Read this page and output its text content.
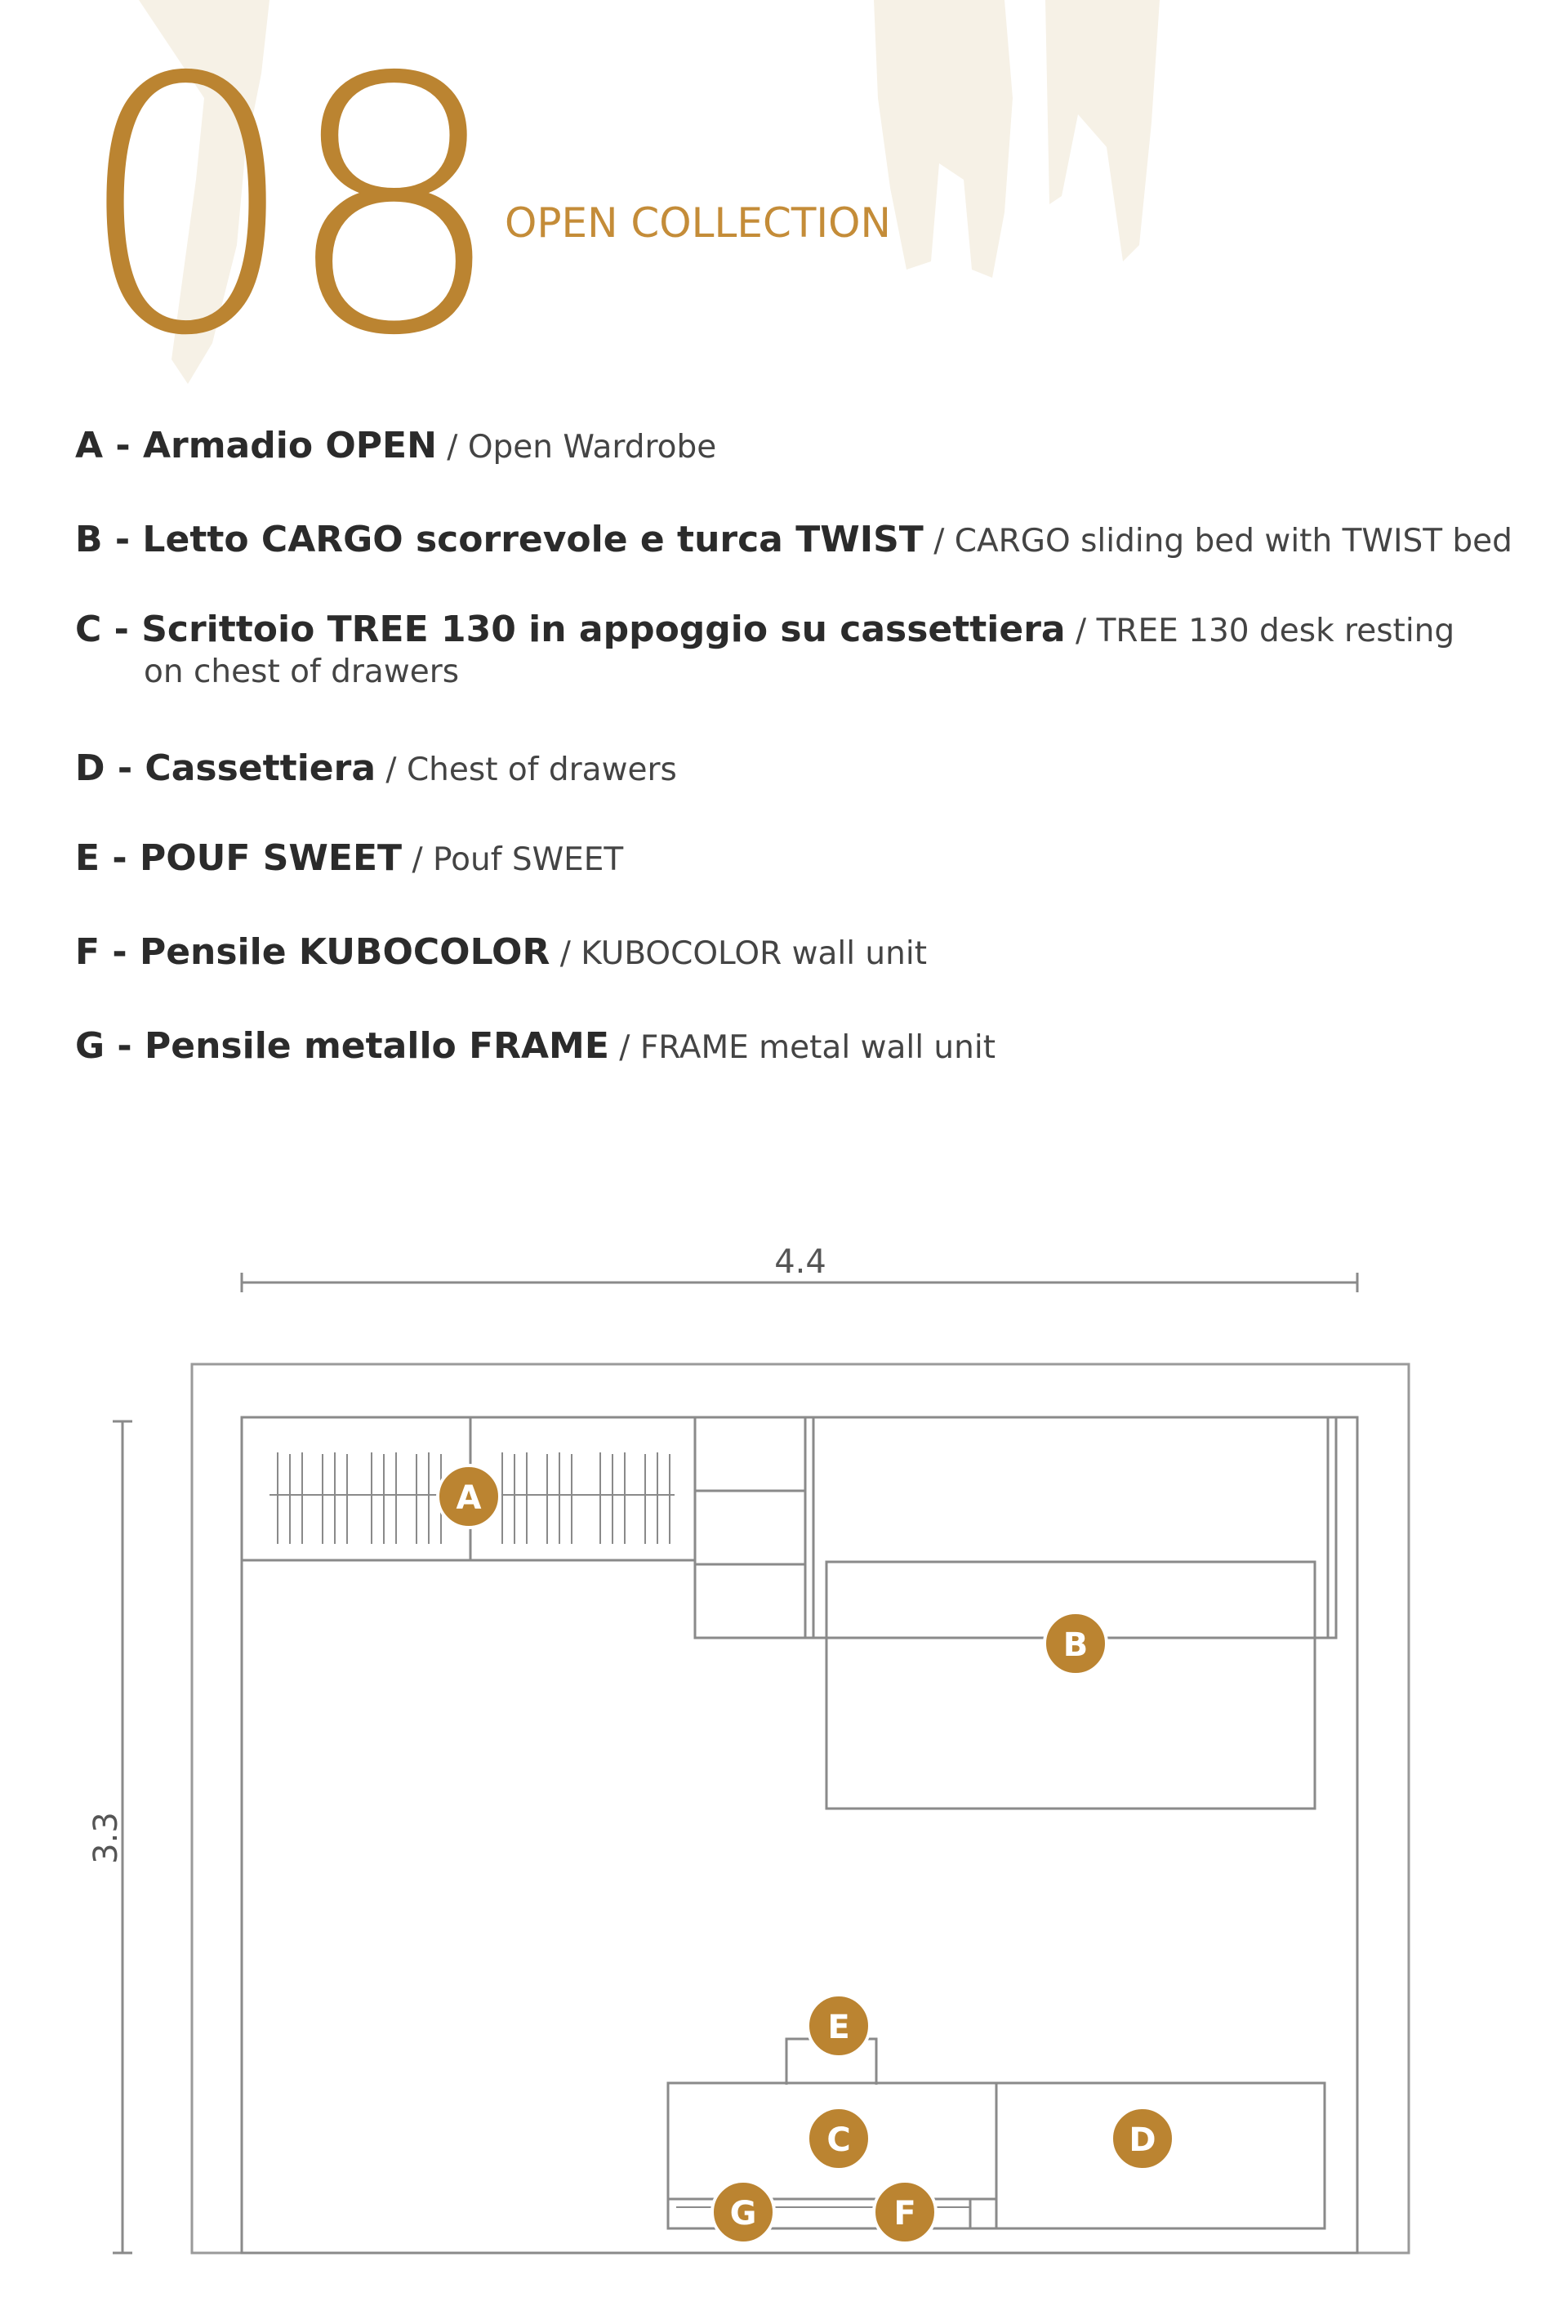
08 OPEN COLLECTION
A - Armadio OPEN / Open Wardrobe
B - Letto CARGO scorrevole e turca TWIST / CARGO sliding bed with TWIST bed
C - Scrittoio TREE 130 in appoggio su cassettiera / TREE 130 desk resting
on chest of drawers
D - Cassettiera / Chest of drawers
E - POUF SWEET / Pouf SWEET
F - Pensile KUBOCOLOR / KUBOCOLOR wall unit
G - Pensile metallo FRAME / FRAME metal wall unit
4.4
3.3
A
B
C	D
E
F
G
